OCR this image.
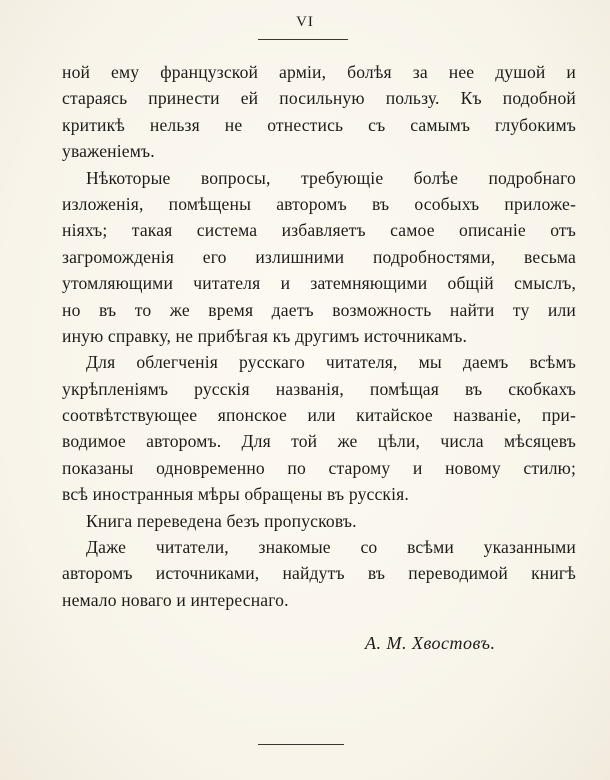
VI
ной ему французской арміи, болѣя за нее душой и
стараясь принести ей посильную пользу. Къ подобной
критикѣ нельзя не отнестись съ самымъ глубокимъ
уваженіемъ.
Нѣкоторые вопросы, требующіе болѣе подробнаго
изложенія, помѣщены авторомъ въ особыхъ приложе-
ніяхъ; такая система избавляетъ самое описаніе отъ
загроможденія его излишними подробностями, весьма
утомляющими читателя и затемняющими общій смыслъ,
но въ то же время даетъ возможность найти ту или
иную справку, не прибѣгая къ другимъ источникамъ.
Для облегченія русскаго читателя, мы даемъ всѣмъ
укрѣпленіямъ русскія названія, помѣщая въ скобкахъ
соотвѣтствующее японское или китайское названіе, при-
водимое авторомъ. Для той же цѣли, числа мѣсяцевъ
показаны одновременно по старому и новому стилю;
всѣ иностранныя мѣры обращены въ русскія.
Книга переведена безъ пропусковъ.
Даже читатели, знакомые со всѣми указанными
авторомъ источниками, найдутъ въ переводимой книгѣ
немало новаго и интереснаго.
А. М. Хвостовъ.
